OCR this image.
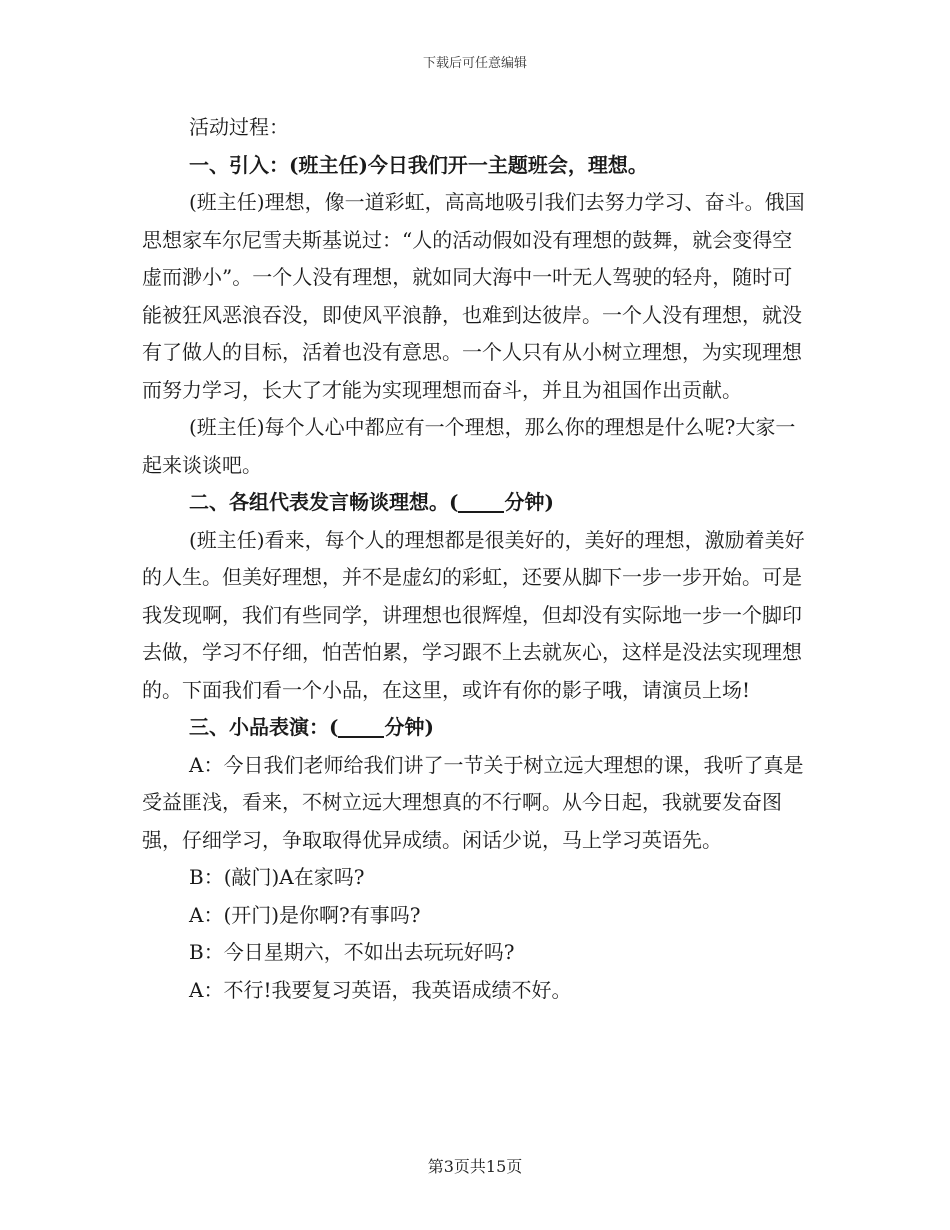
下载后可任意编辑

活动过程：

一、引入：(班主任)今日我们开一主题班会，理想。

(班主任)理想，像一道彩虹，高高地吸引我们去努力学习、奋斗。俄国思想家车尔尼雪夫斯基说过：“人的活动假如没有理想的鼓舞，就会变得空虚而渺小”。一个人没有理想，就如同大海中一叶无人驾驶的轻舟，随时可能被狂风恶浪吞没，即使风平浪静，也难到达彼岸。一个人没有理想，就没有了做人的目标，活着也没有意思。一个人只有从小树立理想，为实现理想而努力学习，长大了才能为实现理想而奋斗，并且为祖国作出贡献。

(班主任)每个人心中都应有一个理想，那么你的理想是什么呢?大家一起来谈谈吧。

二、各组代表发言畅谈理想。( 分钟)

(班主任)看来，每个人的理想都是很美好的，美好的理想，激励着美好的人生。但美好理想，并不是虚幻的彩虹，还要从脚下一步一步开始。可是我发现啊，我们有些同学，讲理想也很辉煌，但却没有实际地一步一个脚印去做，学习不仔细，怕苦怕累，学习跟不上去就灰心，这样是没法实现理想的。下面我们看一个小品，在这里，或许有你的影子哦，请演员上场!

三、小品表演：( 分钟)

A：今日我们老师给我们讲了一节关于树立远大理想的课，我听了真是受益匪浅，看来，不树立远大理想真的不行啊。从今日起，我就要发奋图强，仔细学习，争取取得优异成绩。闲话少说，马上学习英语先。

B：(敲门)A在家吗?

A：(开门)是你啊?有事吗?

B：今日星期六，不如出去玩玩好吗?

A：不行!我要复习英语，我英语成绩不好。

第3页共15页
